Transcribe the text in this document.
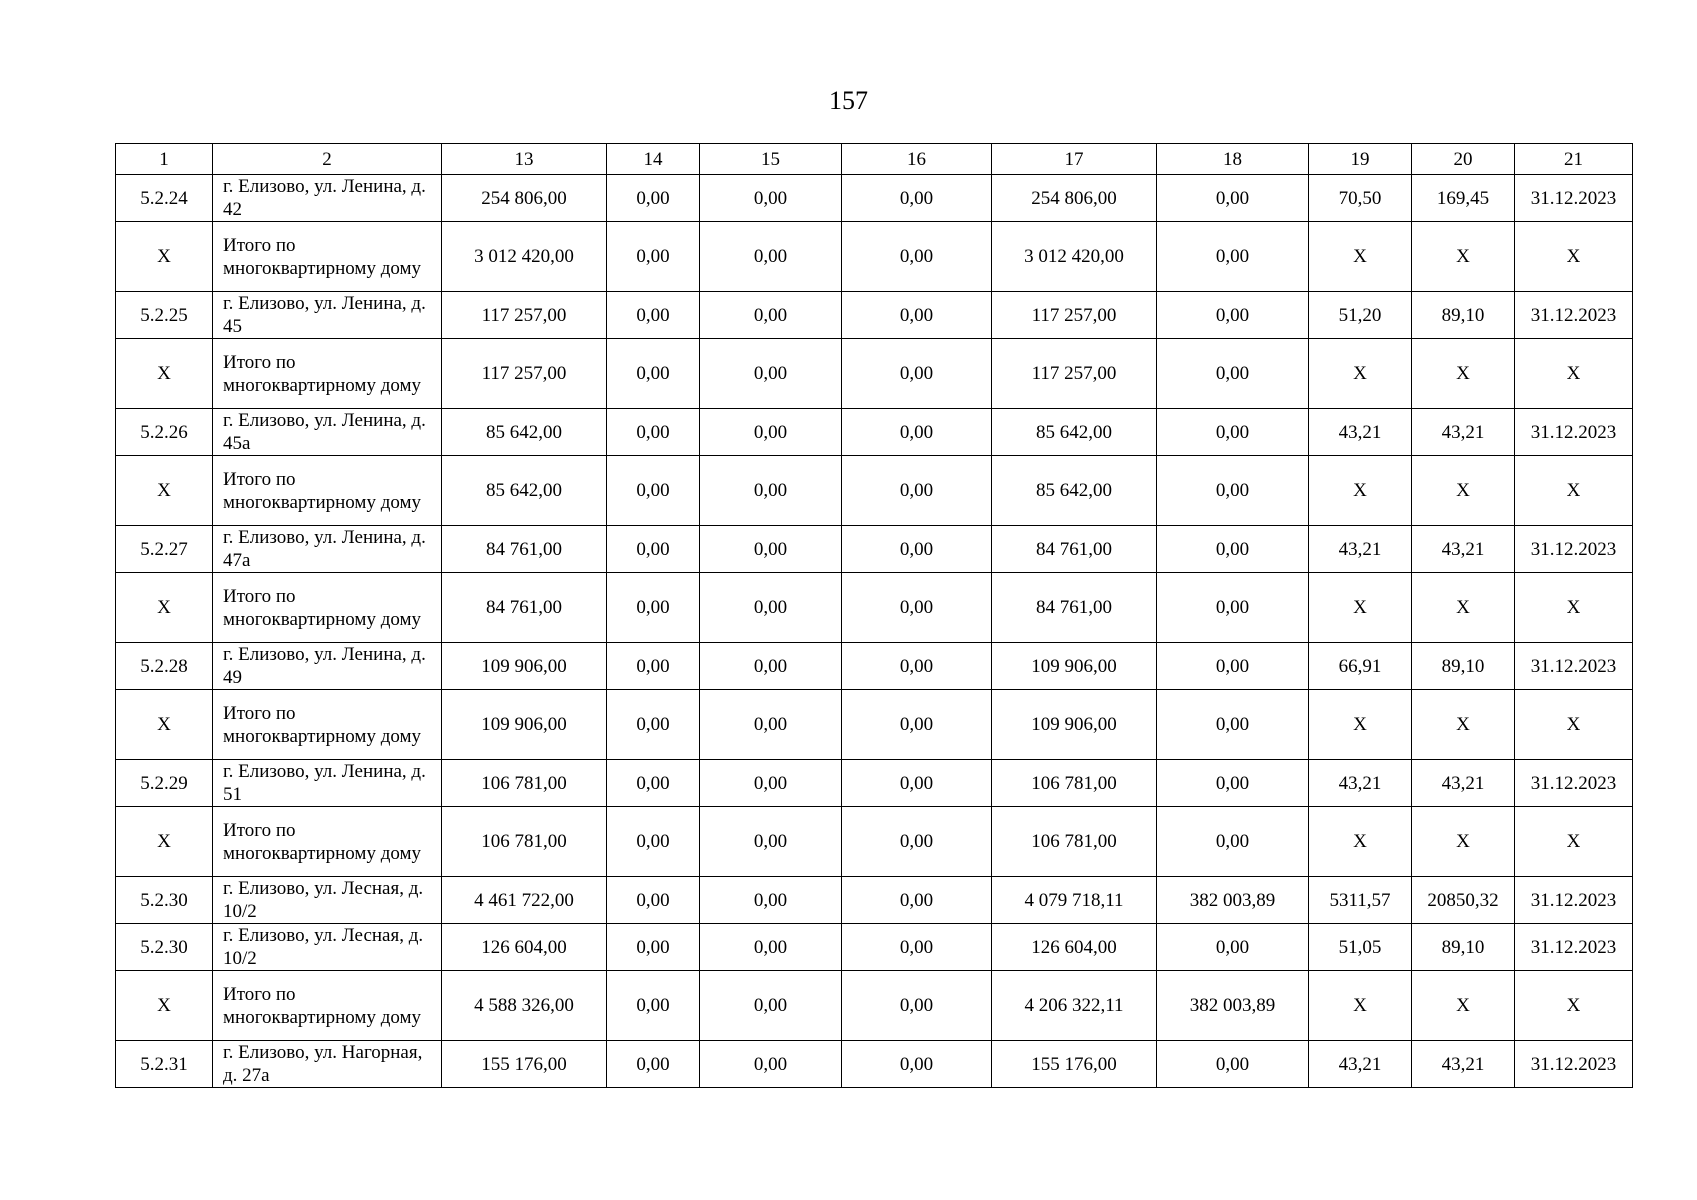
157
1	2	13	14	15	16	17	18	19	20	21
5.2.24	г. Елизово, ул. Ленина, д. 42	254 806,00	0,00	0,00	0,00	254 806,00	0,00	70,50	169,45	31.12.2023
Х	Итого по многоквартирному дому	3 012 420,00	0,00	0,00	0,00	3 012 420,00	0,00	Х	Х	Х
5.2.25	г. Елизово, ул. Ленина, д. 45	117 257,00	0,00	0,00	0,00	117 257,00	0,00	51,20	89,10	31.12.2023
Х	Итого по многоквартирному дому	117 257,00	0,00	0,00	0,00	117 257,00	0,00	Х	Х	Х
5.2.26	г. Елизово, ул. Ленина, д. 45а	85 642,00	0,00	0,00	0,00	85 642,00	0,00	43,21	43,21	31.12.2023
Х	Итого по многоквартирному дому	85 642,00	0,00	0,00	0,00	85 642,00	0,00	Х	Х	Х
5.2.27	г. Елизово, ул. Ленина, д. 47а	84 761,00	0,00	0,00	0,00	84 761,00	0,00	43,21	43,21	31.12.2023
Х	Итого по многоквартирному дому	84 761,00	0,00	0,00	0,00	84 761,00	0,00	Х	Х	Х
5.2.28	г. Елизово, ул. Ленина, д. 49	109 906,00	0,00	0,00	0,00	109 906,00	0,00	66,91	89,10	31.12.2023
Х	Итого по многоквартирному дому	109 906,00	0,00	0,00	0,00	109 906,00	0,00	Х	Х	Х
5.2.29	г. Елизово, ул. Ленина, д. 51	106 781,00	0,00	0,00	0,00	106 781,00	0,00	43,21	43,21	31.12.2023
Х	Итого по многоквартирному дому	106 781,00	0,00	0,00	0,00	106 781,00	0,00	Х	Х	Х
5.2.30	г. Елизово, ул. Лесная, д. 10/2	4 461 722,00	0,00	0,00	0,00	4 079 718,11	382 003,89	5311,57	20850,32	31.12.2023
5.2.30	г. Елизово, ул. Лесная, д. 10/2	126 604,00	0,00	0,00	0,00	126 604,00	0,00	51,05	89,10	31.12.2023
Х	Итого по многоквартирному дому	4 588 326,00	0,00	0,00	0,00	4 206 322,11	382 003,89	Х	Х	Х
5.2.31	г. Елизово, ул. Нагорная, д. 27а	155 176,00	0,00	0,00	0,00	155 176,00	0,00	43,21	43,21	31.12.2023
